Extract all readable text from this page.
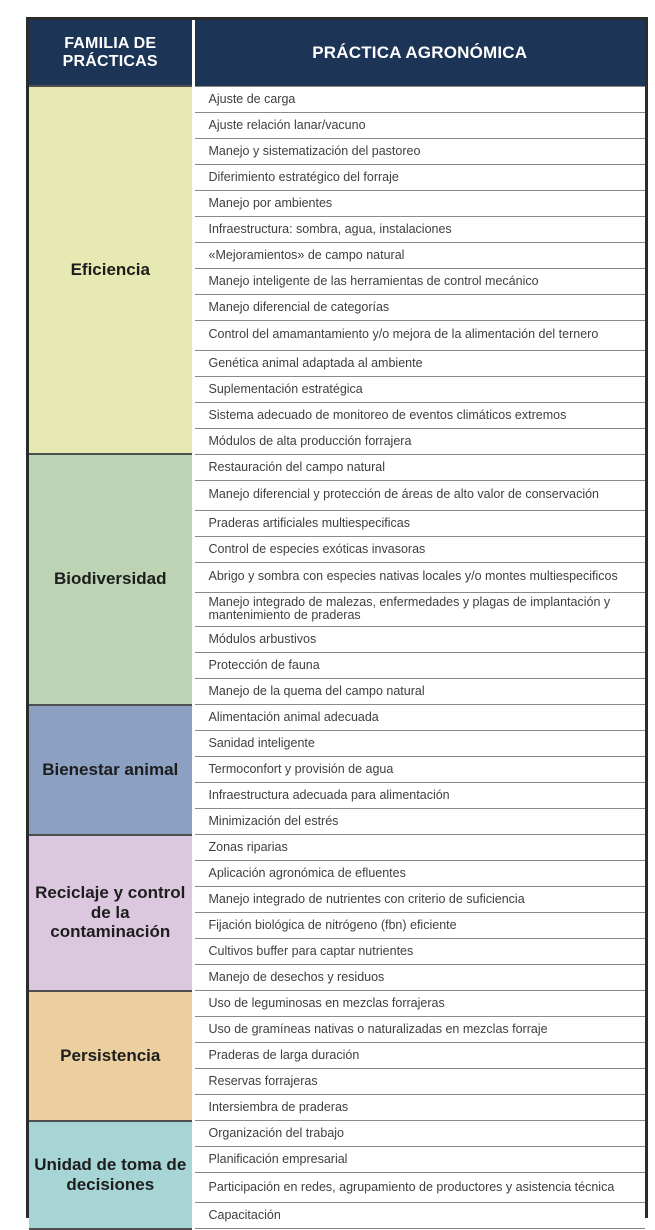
FAMILIA DE PRÁCTICAS	PRÁCTICA AGRONÓMICA
Eficiencia	Ajuste de carga
	Ajuste relación lanar/vacuno
	Manejo y sistematización del pastoreo
	Diferimiento estratégico del forraje
	Manejo por ambientes
	Infraestructura: sombra, agua, instalaciones
	«Mejoramientos» de campo natural
	Manejo inteligente de las herramientas de control mecánico
	Manejo diferencial de categorías
	Control del amamantamiento y/o mejora de la alimentación del ternero
	Genética animal adaptada al ambiente
	Suplementación estratégica
	Sistema adecuado de monitoreo de eventos climáticos extremos
	Módulos de alta producción forrajera
Biodiversidad	Restauración del campo natural
	Manejo diferencial y protección de áreas de alto valor de conservación
	Praderas artificiales multiespecificas
	Control de especies exóticas invasoras
	Abrigo y sombra con especies nativas locales y/o montes multiespecificos
	Manejo integrado de malezas, enfermedades y plagas de implantación y mantenimiento de praderas
	Módulos arbustivos
	Protección de fauna
	Manejo de la quema del campo natural
Bienestar animal	Alimentación animal adecuada
	Sanidad inteligente
	Termoconfort y provisión de agua
	Infraestructura adecuada para alimentación
	Minimización del estrés
Reciclaje y control de la contaminación	Zonas riparias
	Aplicación agronómica de efluentes
	Manejo integrado de nutrientes con criterio de suficiencia
	Fijación biológica de nitrógeno (fbn) eficiente
	Cultivos buffer para captar nutrientes
	Manejo de desechos y residuos
Persistencia	Uso de leguminosas en mezclas forrajeras
	Uso de gramíneas nativas o naturalizadas en mezclas forraje
	Praderas de larga duración
	Reservas forrajeras
	Intersiembra de praderas
Unidad de toma de decisiones	Organización del trabajo
	Planificación empresarial
	Participación en redes, agrupamiento de productores y asistencia técnica
	Capacitación
